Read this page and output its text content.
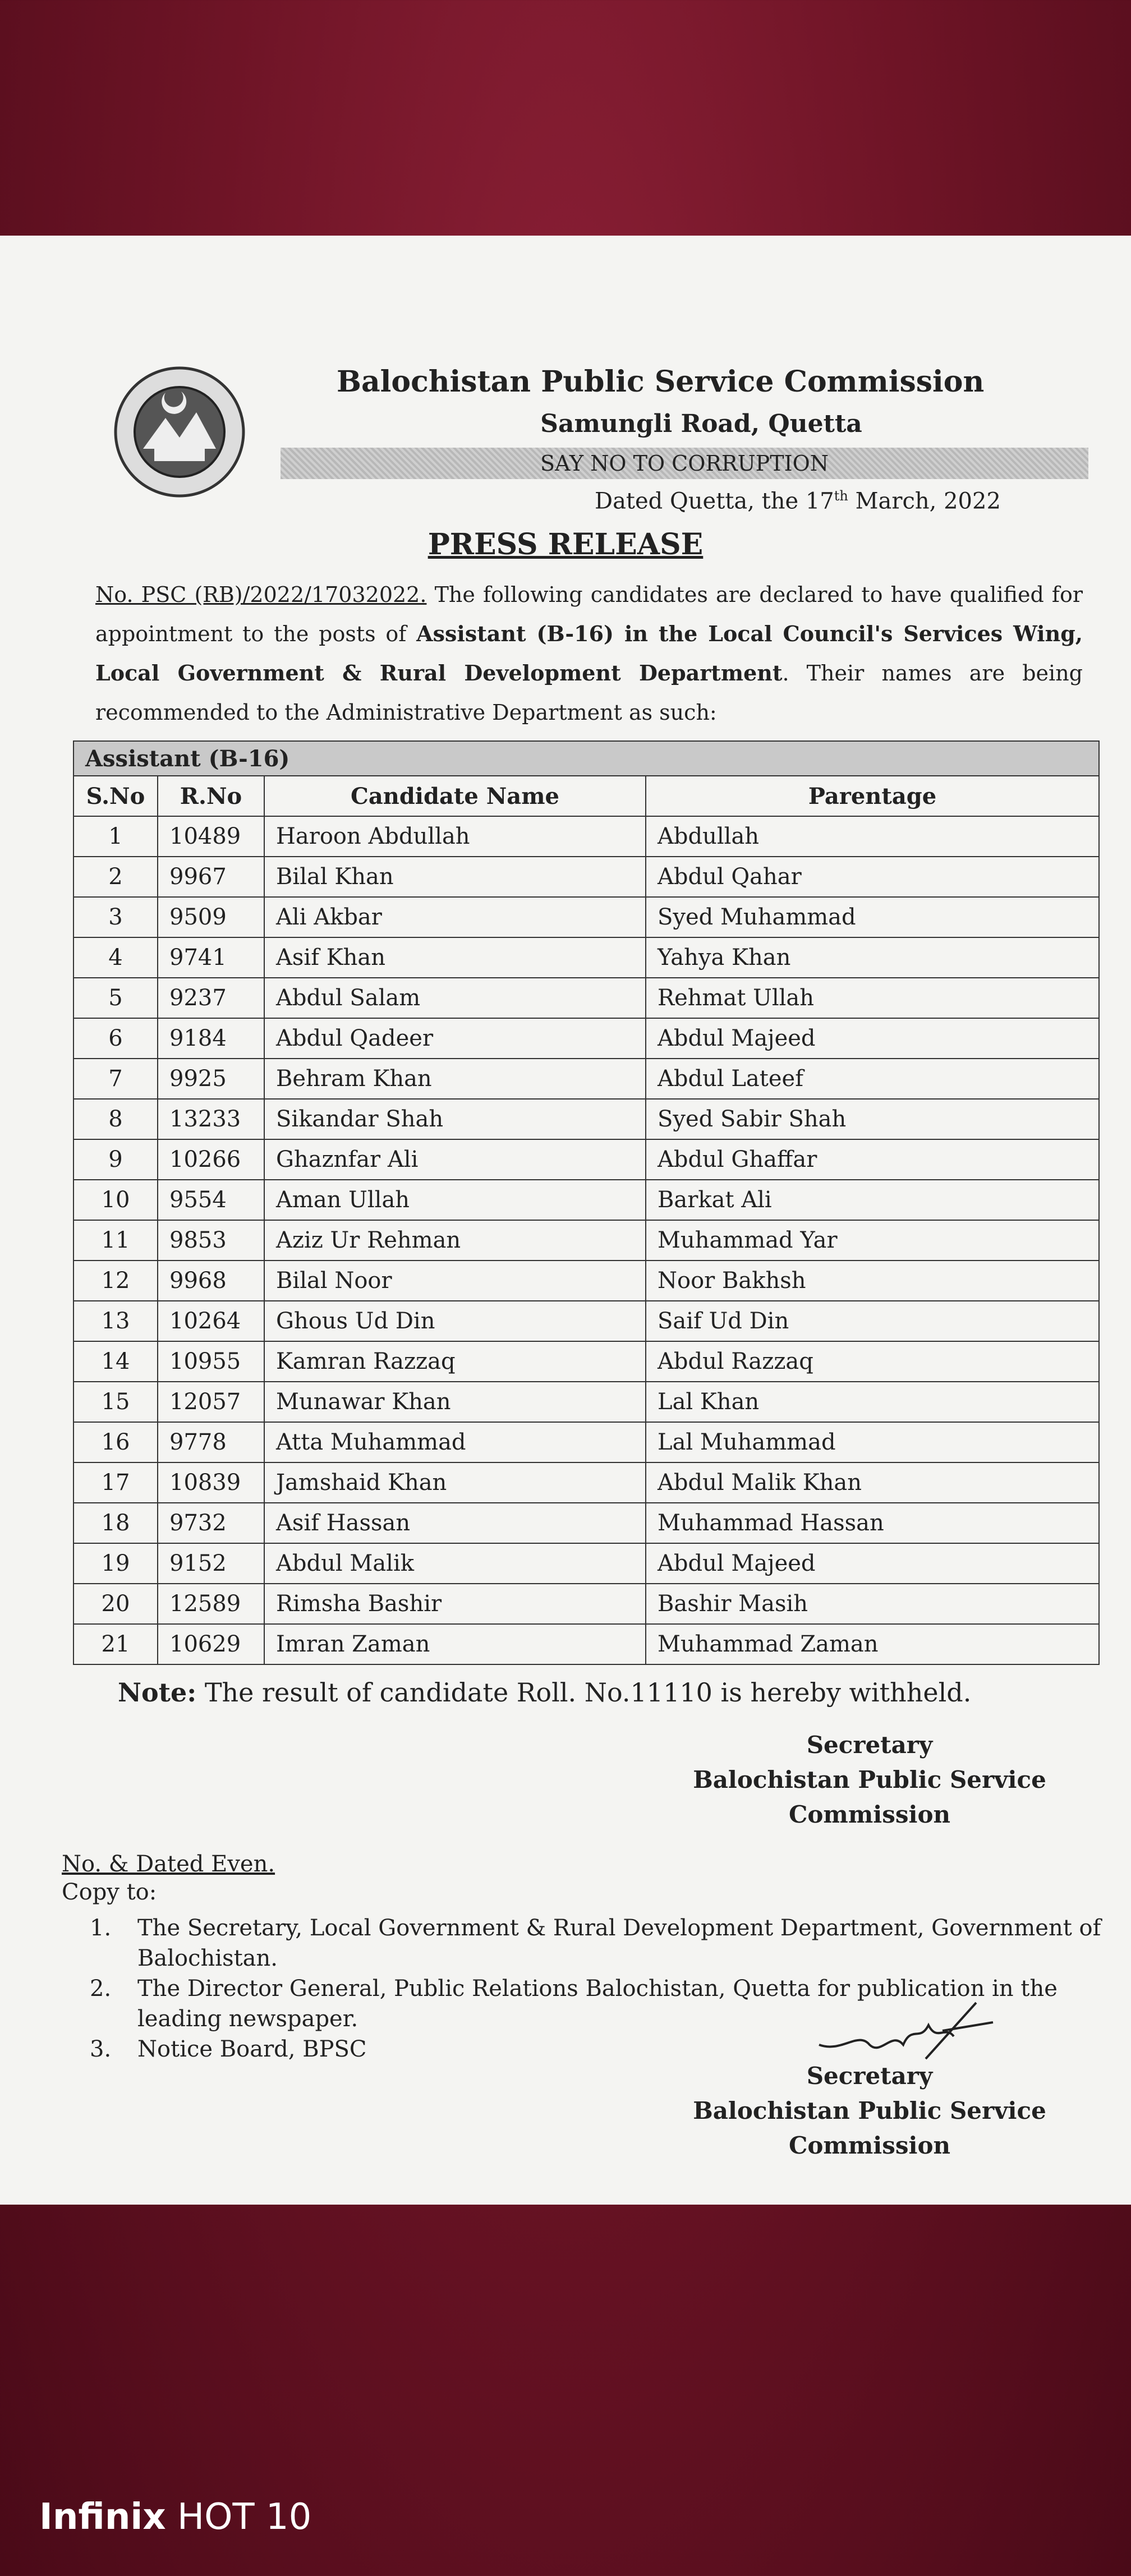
Balochistan Public Service Commission
Samungli Road, Quetta
SAY NO TO CORRUPTION
Dated Quetta, the 17th March, 2022
PRESS RELEASE
No. PSC (RB)/2022/17032022. The following candidates are declared to have qualified for appointment to the posts of Assistant (B-16) in the Local Council's Services Wing, Local Government & Rural Development Department. Their names are being recommended to the Administrative Department as such:
Assistant (B-16)			
S.No	R.No	Candidate Name	Parentage
1	10489	Haroon Abdullah	Abdullah
2	9967	Bilal Khan	Abdul Qahar
3	9509	Ali Akbar	Syed Muhammad
4	9741	Asif Khan	Yahya Khan
5	9237	Abdul Salam	Rehmat Ullah
6	9184	Abdul Qadeer	Abdul Majeed
7	9925	Behram Khan	Abdul Lateef
8	13233	Sikandar Shah	Syed Sabir Shah
9	10266	Ghaznfar Ali	Abdul Ghaffar
10	9554	Aman Ullah	Barkat Ali
11	9853	Aziz Ur Rehman	Muhammad Yar
12	9968	Bilal Noor	Noor Bakhsh
13	10264	Ghous Ud Din	Saif Ud Din
14	10955	Kamran Razzaq	Abdul Razzaq
15	12057	Munawar Khan	Lal Khan
16	9778	Atta Muhammad	Lal Muhammad
17	10839	Jamshaid Khan	Abdul Malik Khan
18	9732	Asif Hassan	Muhammad Hassan
19	9152	Abdul Malik	Abdul Majeed
20	12589	Rimsha Bashir	Bashir Masih
21	10629	Imran Zaman	Muhammad Zaman
Note: The result of candidate Roll. No.11110 is hereby withheld.
Secretary
Balochistan Public Service
Commission
No. & Dated Even.
Copy to:
1. The Secretary, Local Government & Rural Development Department, Government of Balochistan.
2. The Director General, Public Relations Balochistan, Quetta for publication in the leading newspaper.
3. Notice Board, BPSC
Secretary
Balochistan Public Service
Commission
Infinix HOT 10
